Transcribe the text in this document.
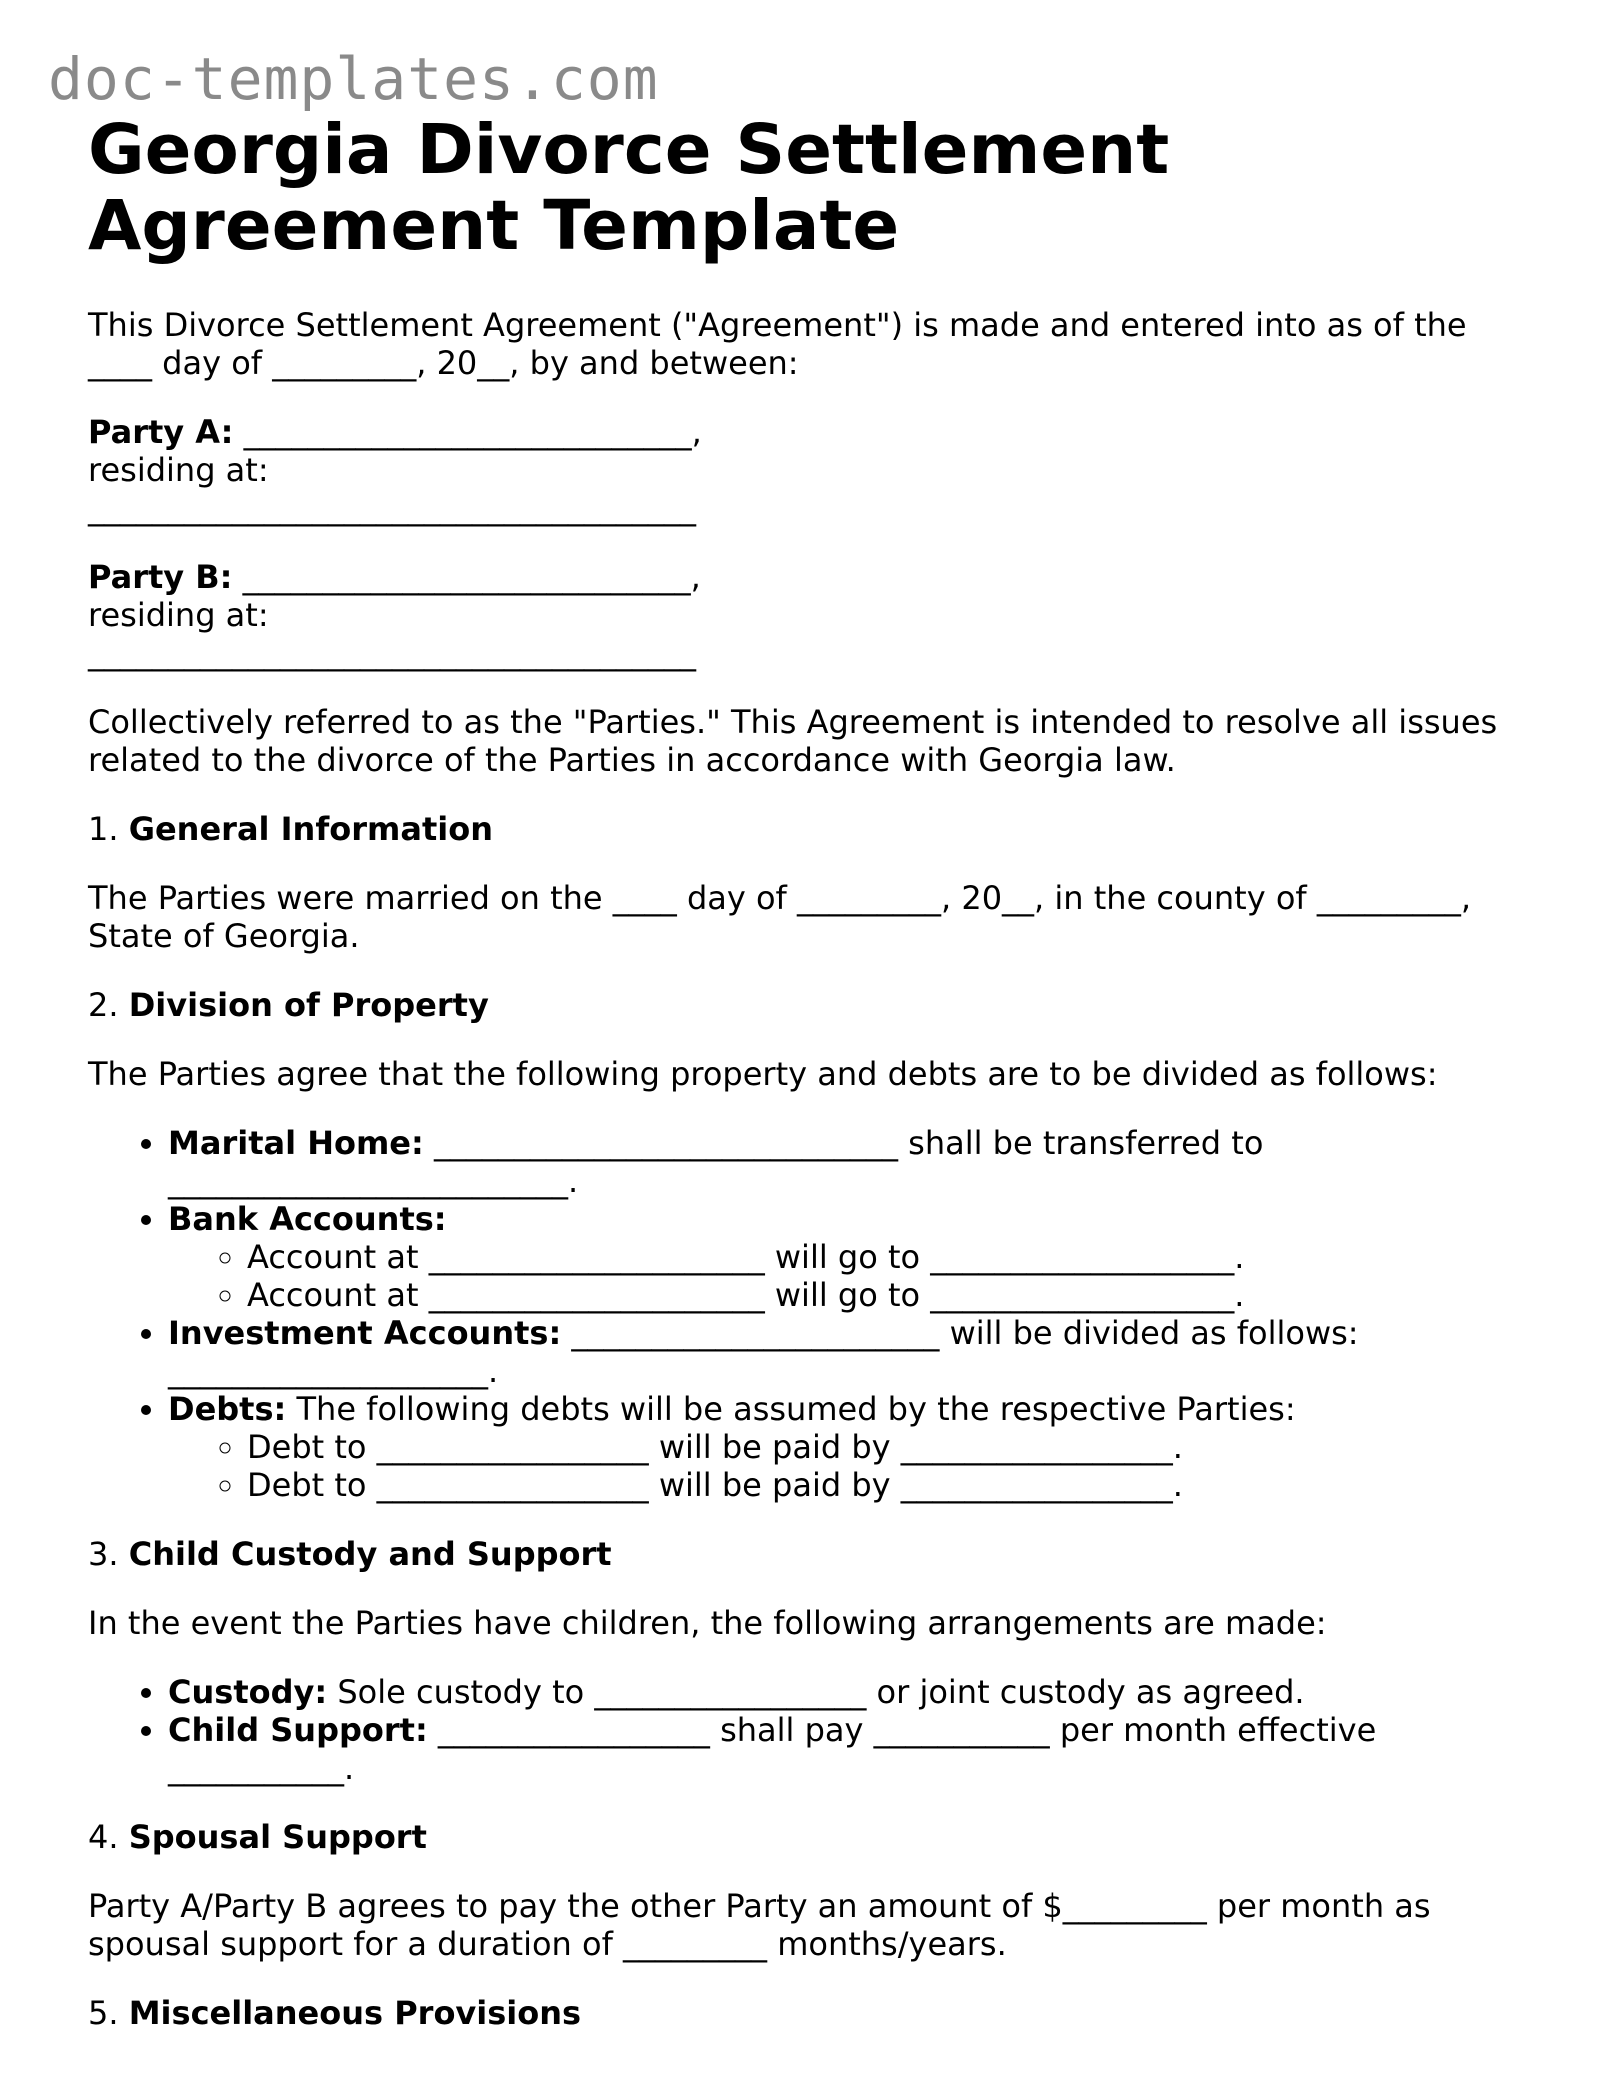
doc-templates.com
Georgia Divorce Settlement Agreement Template

This Divorce Settlement Agreement ("Agreement") is made and entered into as of the ____ day of _________, 20__, by and between:

Party A: ____________________________, residing at: ______________________________________

Party B: ____________________________, residing at: ______________________________________

Collectively referred to as the "Parties." This Agreement is intended to resolve all issues related to the divorce of the Parties in accordance with Georgia law.

1. General Information

The Parties were married on the ____ day of _________, 20__, in the county of _________, State of Georgia.

2. Division of Property

The Parties agree that the following property and debts are to be divided as follows:

• Marital Home: _____________________________ shall be transferred to _________________________.
• Bank Accounts:
◦ Account at _____________________ will go to ___________________.
◦ Account at _____________________ will go to ___________________.
• Investment Accounts: _______________________ will be divided as follows: ____________________.
• Debts: The following debts will be assumed by the respective Parties:
◦ Debt to _________________ will be paid by _________________.
◦ Debt to _________________ will be paid by _________________.
3. Child Custody and Support

In the event the Parties have children, the following arrangements are made:

• Custody: Sole custody to _________________ or joint custody as agreed.
• Child Support: _________________ shall pay ___________ per month effective ___________.
4. Spousal Support

Party A/Party B agrees to pay the other Party an amount of $_________ per month as spousal support for a duration of _________ months/years.

5. Miscellaneous Provisions
